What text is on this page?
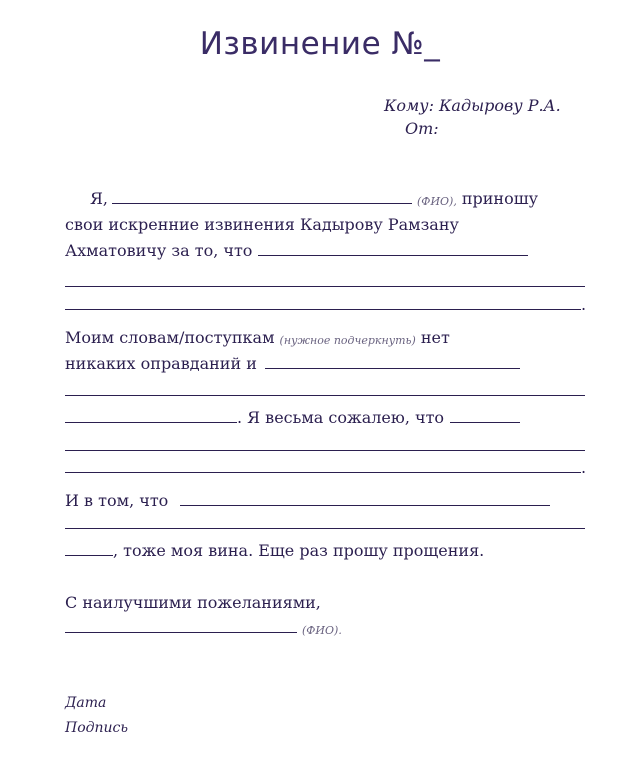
Извинение №_
Кому: Кадырову Р.А.
От:
Я,	(ФИО), приношу
свои искренние извинения Кадырову Рамзану
Ахматовичу за то, что
.
Моим словам/поступкам (нужное подчеркнуть) нет
никаких оправданий и
. Я весьма сожалею, что
.
И в том, что
, тоже моя вина. Еще раз прошу прощения.
С наилучшими пожеланиями,
(ФИО).
Дата
Подпись
